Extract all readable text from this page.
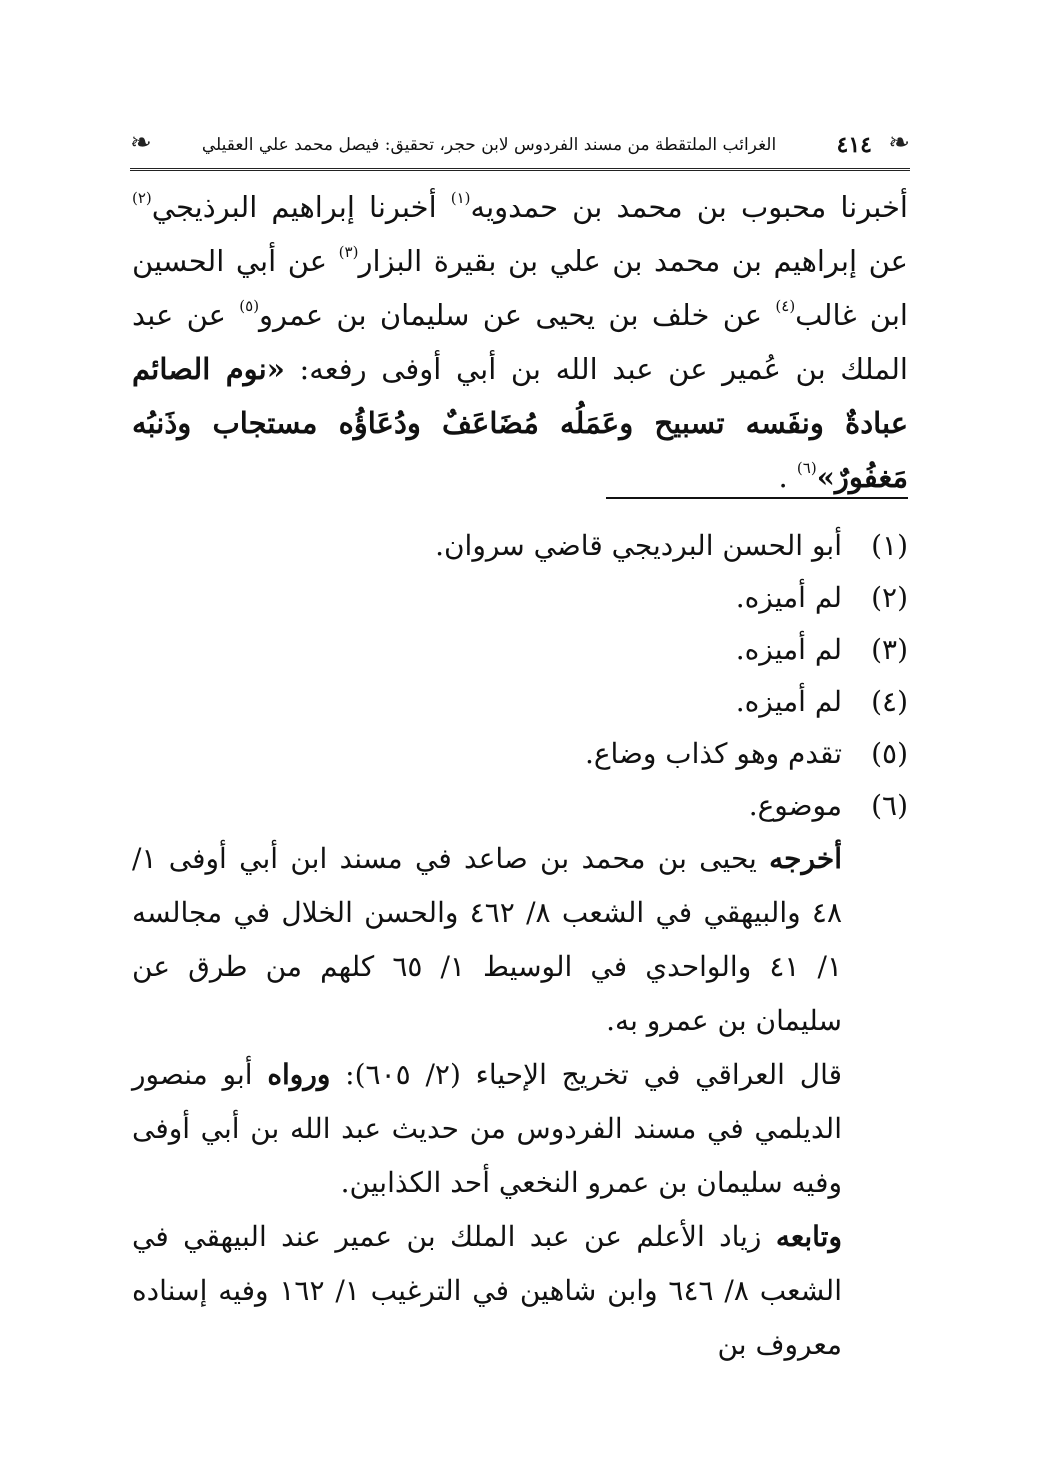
❧
٤١٤
الغرائب الملتقطة من مسند الفردوس لابن حجر، تحقيق: فيصل محمد علي العقيلي
❧
أخبرنا محبوب بن محمد بن حمدويه$^{(١)}$ أخبرنا إبراهيم البرذيجي$^{(٢)}$ عن إبراهيم بن محمد بن علي بن بقيرة البزار$^{(٣)}$ عن أبي الحسين ابن غالب$^{(٤)}$ عن خلف بن يحيى عن سليمان بن عمرو$^{(٥)}$ عن عبد الملك بن عُمير عن عبد الله بن أبي أوفى رفعه: «نوم الصائم عبادةٌ ونفَسه تسبيح وعَمَلُه مُضَاعَفٌ ودُعَاؤُه مستجاب وذَنبُه مَغفُورٌ»$^{(٦)}$ .
(١)
أبو الحسن البرديجي قاضي سروان.
(٢)
لم أميزه.
(٣)
لم أميزه.
(٤)
لم أميزه.
(٥)
تقدم وهو كذاب وضاع.
(٦)
موضوع.

أخرجه يحيى بن محمد بن صاعد في مسند ابن أبي أوفى ١/ ٤٨ والبيهقي في الشعب ٨/ ٤٦٢ والحسن الخلال في مجالسه ١/ ٤١ والواحدي في الوسيط ١/ ٦٥ كلهم من طرق عن سليمان بن عمرو به.

قال العراقي في تخريج الإحياء (٢/ ٦٠٥): ورواه أبو منصور الديلمي في مسند الفردوس من حديث عبد الله بن أبي أوفى وفيه سليمان بن عمرو النخعي أحد الكذابين.

وتابعه زياد الأعلم عن عبد الملك بن عمير عند البيهقي في الشعب ٨/ ٦٤٦ وابن شاهين في الترغيب ١/ ١٦٢ وفيه إسناده معروف بن
